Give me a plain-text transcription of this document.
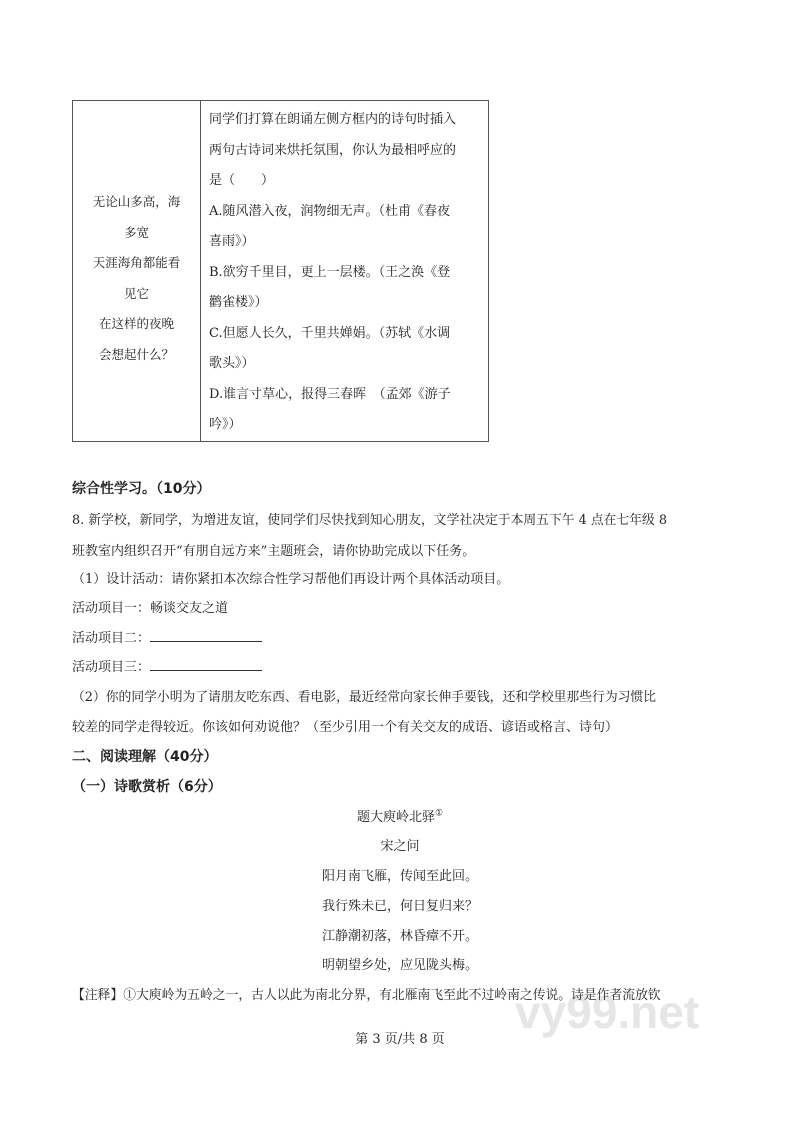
无论山多高，海
多宽
天涯海角都能看
见它
在这样的夜晚
会想起什么？
同学们打算在朗诵左侧方框内的诗句时插入
两句古诗词来烘托氛围，你认为最相呼应的
是（　　）
A.随风潜入夜，润物细无声。（杜甫《春夜
喜雨》）
B.欲穷千里目，更上一层楼。（王之涣《登
鹳雀楼》）
C.但愿人长久，千里共婵娟。（苏轼《水调
歌头》）
D.谁言寸草心，报得三春晖　（孟郊《游子
吟》）
综合性学习。（10分）
8. 新学校，新同学，为增进友谊，使同学们尽快找到知心朋友，文学社决定于本周五下午 4 点在七年级 8
班教室内组织召开“有朋自远方来”主题班会，请你协助完成以下任务。
（1）设计活动：请你紧扣本次综合性学习帮他们再设计两个具体活动项目。
活动项目一：畅谈交友之道
活动项目二：
活动项目三：
（2）你的同学小明为了请朋友吃东西、看电影，最近经常向家长伸手要钱，还和学校里那些行为习惯比
较差的同学走得较近。你该如何劝说他？（至少引用一个有关交友的成语、谚语或格言、诗句）
二、阅读理解（40分）
（一）诗歌赏析（6分）
题大庾岭北驿①
宋之问
阳月南飞雁，传闻至此回。
我行殊未已，何日复归来？
江静潮初落，林昏瘴不开。
明朝望乡处，应见陇头梅。
vy99.net
【注释】①大庾岭为五岭之一，古人以此为南北分界，有北雁南飞至此不过岭南之传说。诗是作者流放钦
第 3 页/共 8 页
